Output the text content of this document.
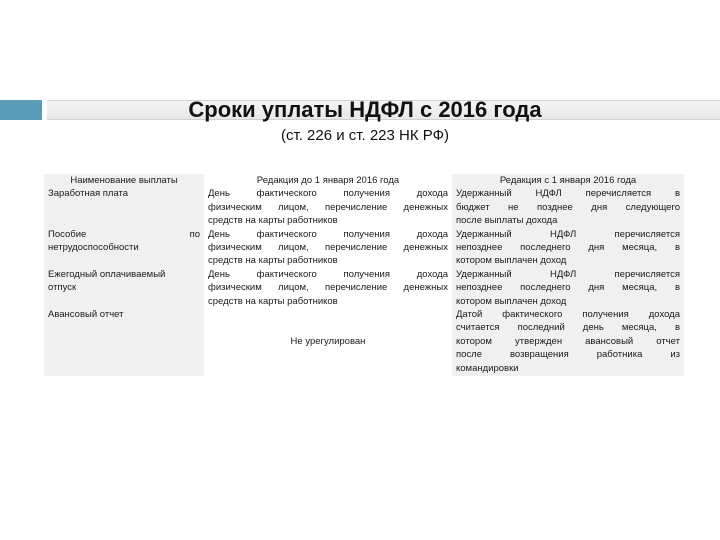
Сроки уплаты НДФЛ с 2016 года
(ст. 226 и ст. 223 НК РФ)
Наименование выплаты	Редакция до 1 января 2016 года	Редакция с 1 января 2016 года

Заработная плата	День фактического получения дохода
физическим лицом, перечисление денежных
средств на карты работников	Удержанный НДФЛ перечисляется в
бюджет не позднее дня следующего
после выплаты дохода

Пособие по
нетрудоспособности	День фактического получения дохода
физическим лицом, перечисление денежных
средств на карты работников	Удержанный НДФЛ перечисляется
непозднее последнего дня месяца, в
котором выплачен доход

Ежегодный оплачиваемый
отпуск	День фактического получения дохода
физическим лицом, перечисление денежных
средств на карты работников	Удержанный НДФЛ перечисляется
непозднее последнего дня месяца, в
котором выплачен доход

Авансовый отчет	Не урегулирован	Датой фактического получения дохода
считается последний день месяца, в
котором утвержден авансовый отчет
после возвращения работника из
командировки
